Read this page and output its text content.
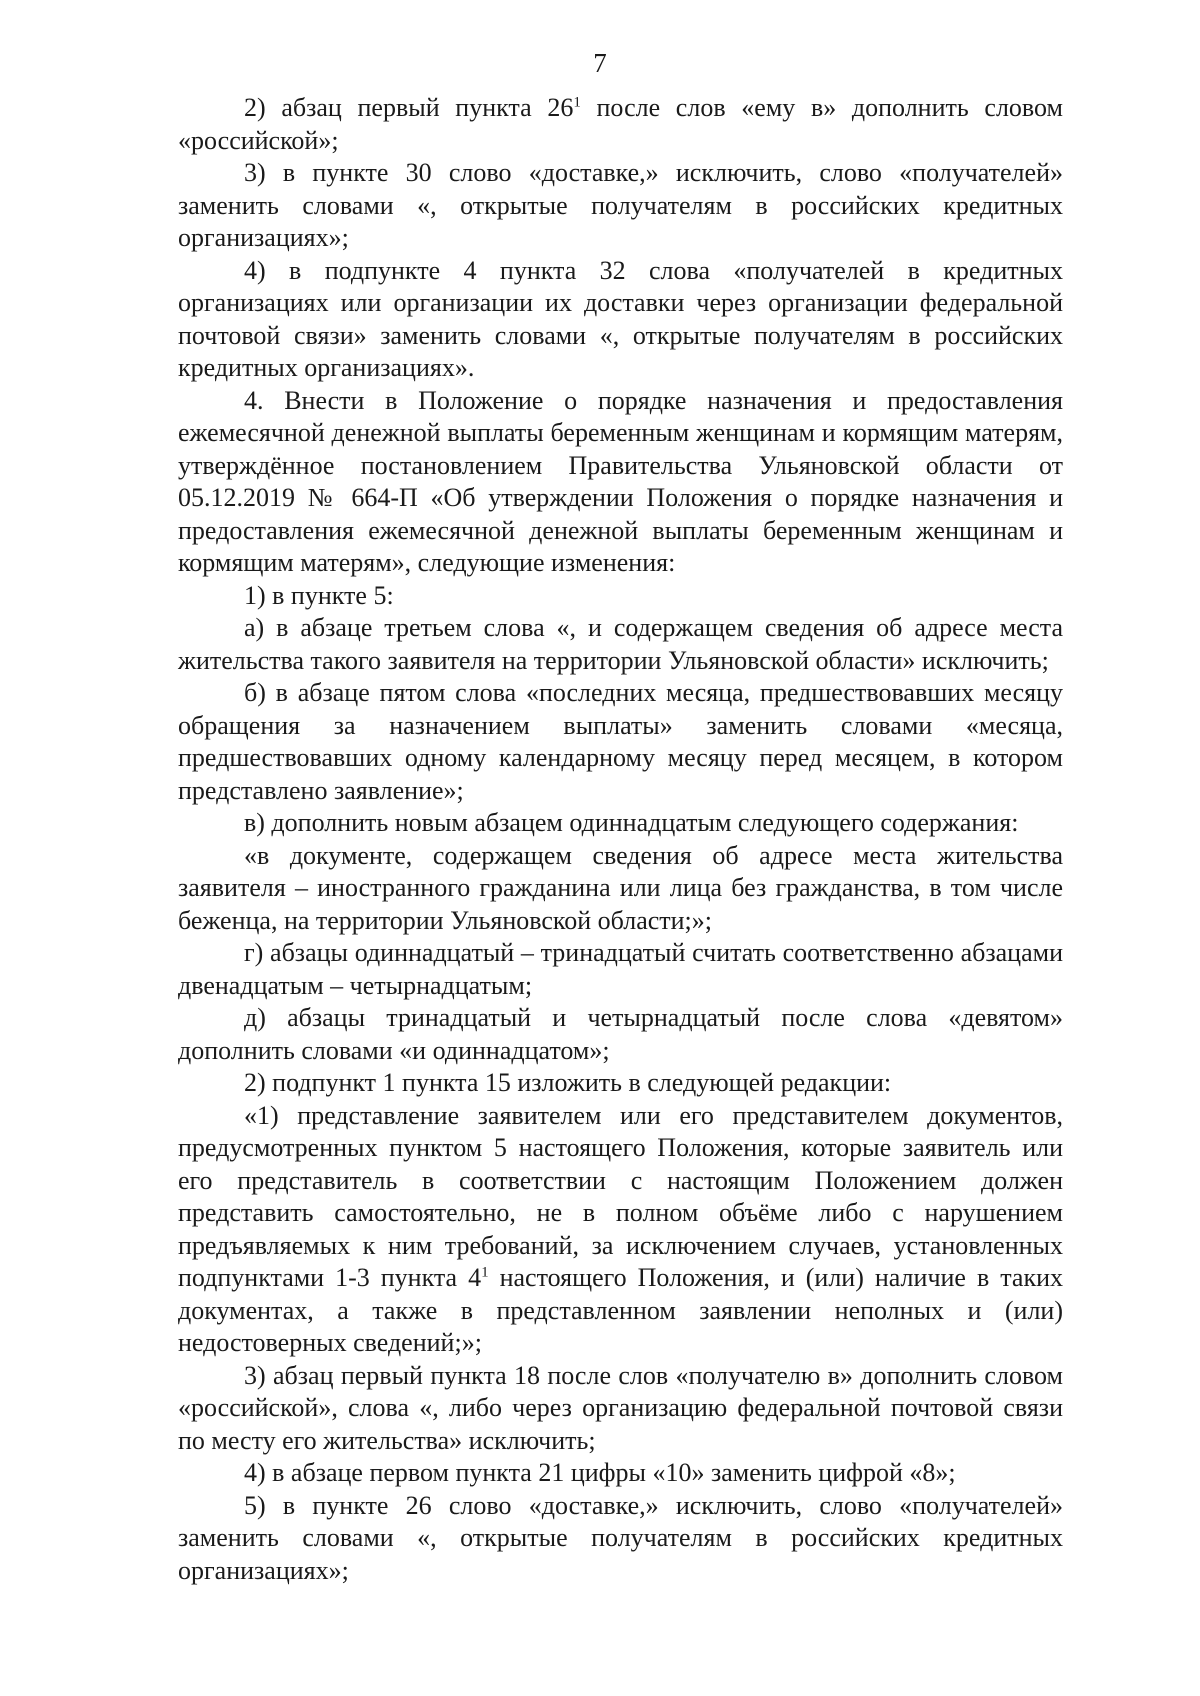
7

2) абзац первый пункта $26^1$ после слов «ему в» дополнить словом «российской»;

3) в пункте 30 слово «доставке,» исключить, слово «получателей» заменить словами «, открытые получателям в российских кредитных организациях»;

4) в подпункте 4 пункта 32 слова «получателей в кредитных организациях или организации их доставки через организации федеральной почтовой связи» заменить словами «, открытые получателям в российских кредитных организациях».

4. Внести в Положение о порядке назначения и предоставления ежемесячной денежной выплаты беременным женщинам и кормящим матерям, утверждённое постановлением Правительства Ульяновской области от 05.12.2019 № 664-П «Об утверждении Положения о порядке назначения и предоставления ежемесячной денежной выплаты беременным женщинам и кормящим матерям», следующие изменения:

1) в пункте 5:

а) в абзаце третьем слова «, и содержащем сведения об адресе места жительства такого заявителя на территории Ульяновской области» исключить;

б) в абзаце пятом слова «последних месяца, предшествовавших месяцу обращения за назначением выплаты» заменить словами «месяца, предшествовавших одному календарному месяцу перед месяцем, в котором представлено заявление»;

в) дополнить новым абзацем одиннадцатым следующего содержания:

«в документе, содержащем сведения об адресе места жительства заявителя – иностранного гражданина или лица без гражданства, в том числе беженца, на территории Ульяновской области;»;

г) абзацы одиннадцатый – тринадцатый считать соответственно абзацами двенадцатым – четырнадцатым;

д) абзацы тринадцатый и четырнадцатый после слова «девятом» дополнить словами «и одиннадцатом»;

2) подпункт 1 пункта 15 изложить в следующей редакции:

«1) представление заявителем или его представителем документов, предусмотренных пунктом 5 настоящего Положения, которые заявитель или его представитель в соответствии с настоящим Положением должен представить самостоятельно, не в полном объёме либо с нарушением предъявляемых к ним требований, за исключением случаев, установленных подпунктами 1-3 пункта $4^1$ настоящего Положения, и (или) наличие в таких документах, а также в представленном заявлении неполных и (или) недостоверных сведений;»;

3) абзац первый пункта 18 после слов «получателю в» дополнить словом «российской», слова «, либо через организацию федеральной почтовой связи по месту его жительства» исключить;

4) в абзаце первом пункта 21 цифры «10» заменить цифрой «8»;

5) в пункте 26 слово «доставке,» исключить, слово «получателей» заменить словами «, открытые получателям в российских кредитных организациях»;
